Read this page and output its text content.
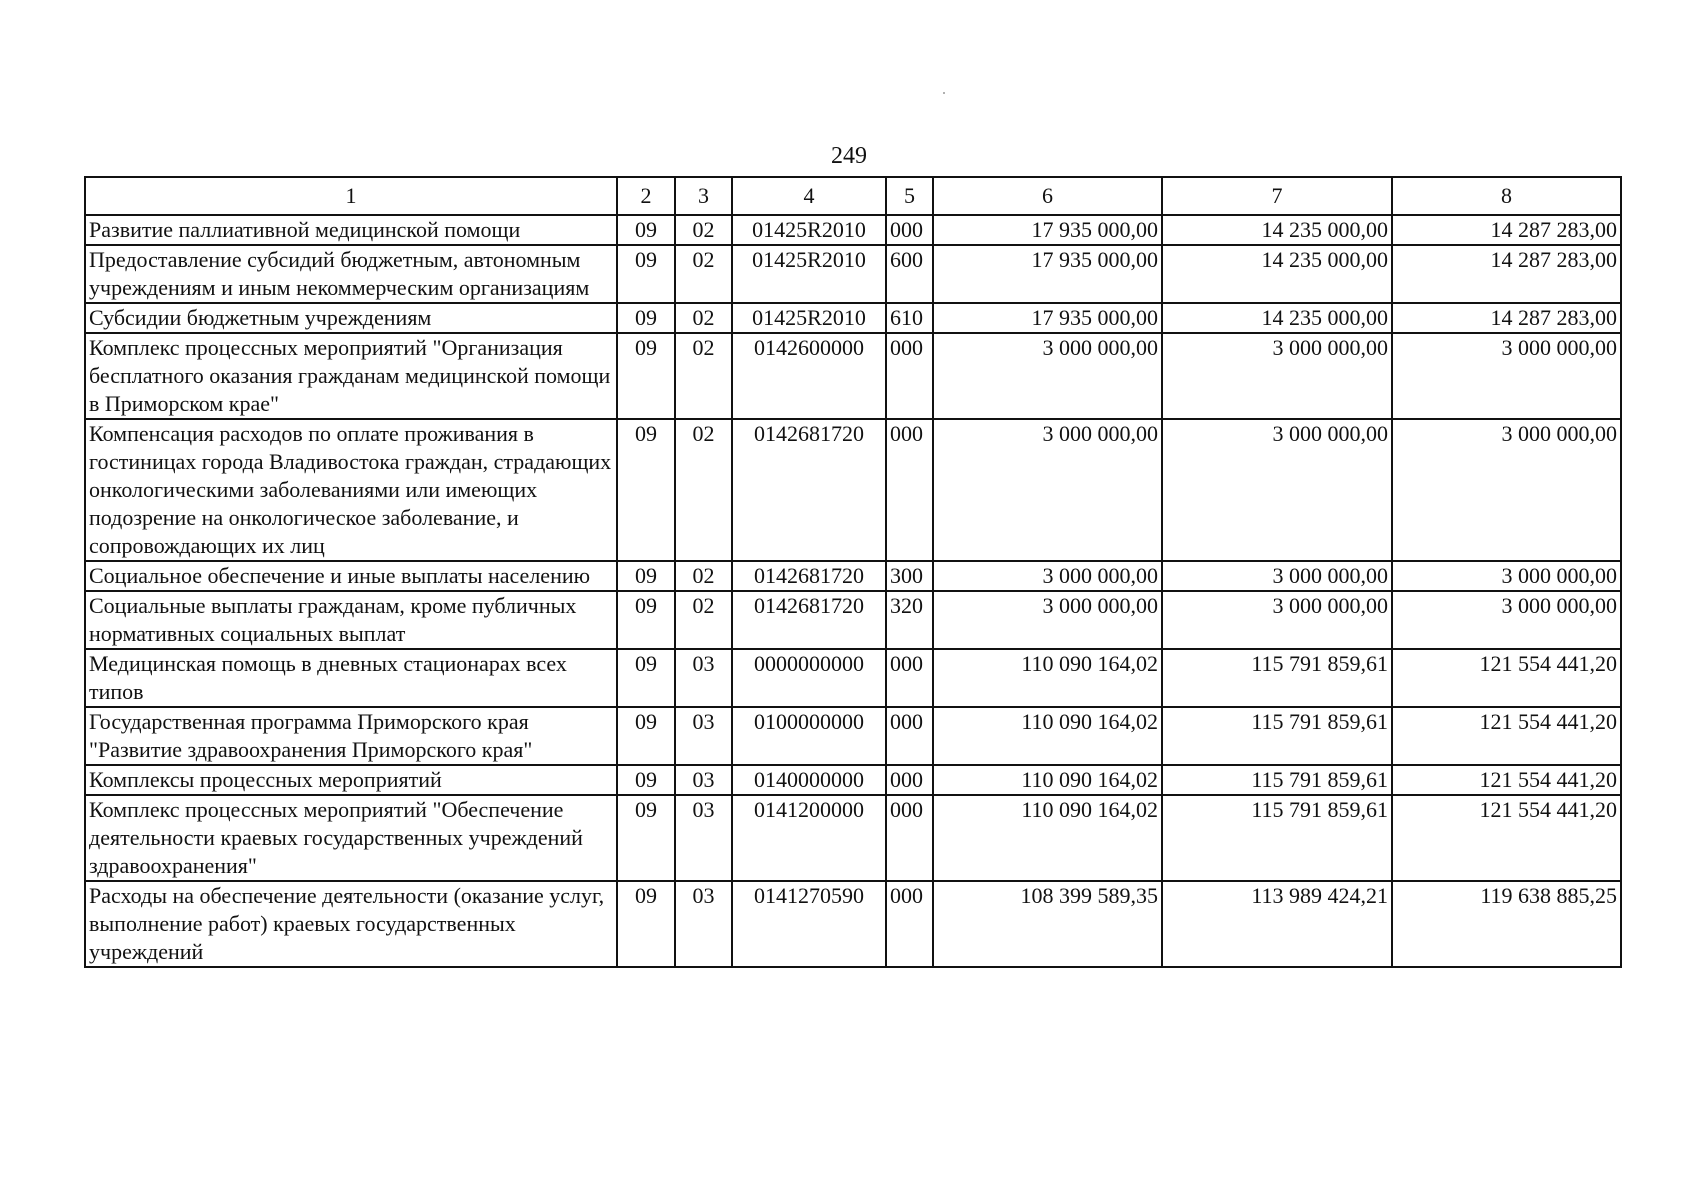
249
1	2	3	4	5	6	7	8
Развитие паллиативной медицинской помощи	09	02	01425R2010	000	17 935 000,00	14 235 000,00	14 287 283,00
Предоставление субсидий бюджетным, автономным учреждениям и иным некоммерческим организациям	09	02	01425R2010	600	17 935 000,00	14 235 000,00	14 287 283,00
Субсидии бюджетным учреждениям	09	02	01425R2010	610	17 935 000,00	14 235 000,00	14 287 283,00
Комплекс процессных мероприятий "Организация бесплатного оказания гражданам медицинской помощи в Приморском крае"	09	02	0142600000	000	3 000 000,00	3 000 000,00	3 000 000,00
Компенсация расходов по оплате проживания в гостиницах города Владивостока граждан, страдающих онкологическими заболеваниями или имеющих подозрение на онкологическое заболевание, и сопровождающих их лиц	09	02	0142681720	000	3 000 000,00	3 000 000,00	3 000 000,00
Социальное обеспечение и иные выплаты населению	09	02	0142681720	300	3 000 000,00	3 000 000,00	3 000 000,00
Социальные выплаты гражданам, кроме публичных нормативных социальных выплат	09	02	0142681720	320	3 000 000,00	3 000 000,00	3 000 000,00
Медицинская помощь в дневных стационарах всех типов	09	03	0000000000	000	110 090 164,02	115 791 859,61	121 554 441,20
Государственная программа Приморского края "Развитие здравоохранения Приморского края"	09	03	0100000000	000	110 090 164,02	115 791 859,61	121 554 441,20
Комплексы процессных мероприятий	09	03	0140000000	000	110 090 164,02	115 791 859,61	121 554 441,20
Комплекс процессных мероприятий "Обеспечение деятельности краевых государственных учреждений здравоохранения"	09	03	0141200000	000	110 090 164,02	115 791 859,61	121 554 441,20
Расходы на обеспечение деятельности (оказание услуг, выполнение работ) краевых государственных учреждений	09	03	0141270590	000	108 399 589,35	113 989 424,21	119 638 885,25
